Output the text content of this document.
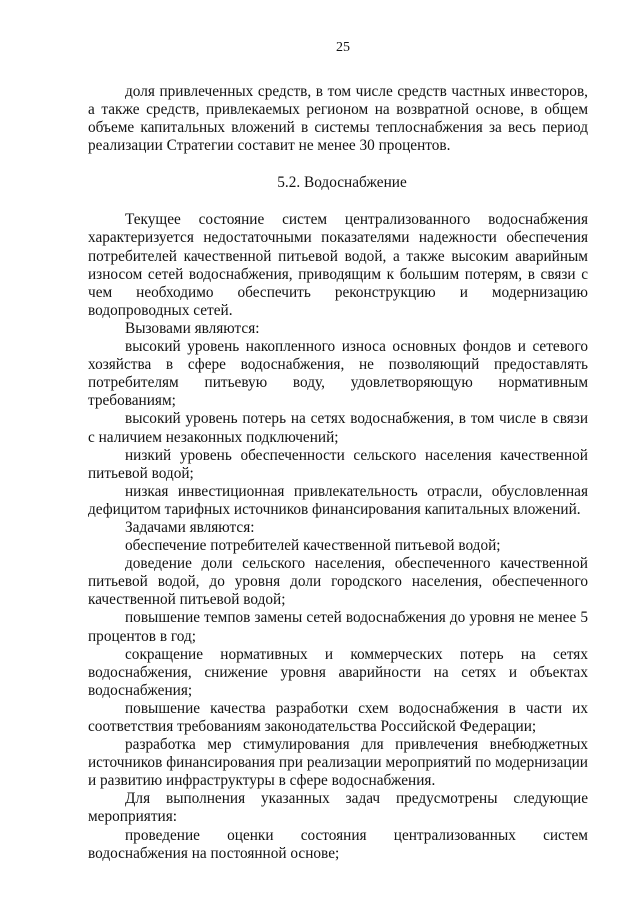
25

доля привлеченных средств, в том числе средств частных инвесторов, а также средств, привлекаемых регионом на возвратной основе, в общем объеме капитальных вложений в системы теплоснабжения за весь период реализации Стратегии составит не менее 30 процентов.

5.2. Водоснабжение

Текущее состояние систем централизованного водоснабжения характеризуется недостаточными показателями надежности обеспечения потребителей качественной питьевой водой, а также высоким аварийным износом сетей водоснабжения, приводящим к большим потерям, в связи с чем необходимо обеспечить реконструкцию и модернизацию водопроводных сетей.

Вызовами являются:

высокий уровень накопленного износа основных фондов и сетевого хозяйства в сфере водоснабжения, не позволяющий предоставлять потребителям питьевую воду, удовлетворяющую нормативным требованиям;

высокий уровень потерь на сетях водоснабжения, в том числе в связи с наличием незаконных подключений;

низкий уровень обеспеченности сельского населения качественной питьевой водой;

низкая инвестиционная привлекательность отрасли, обусловленная дефицитом тарифных источников финансирования капитальных вложений.

Задачами являются:

обеспечение потребителей качественной питьевой водой;

доведение доли сельского населения, обеспеченного качественной питьевой водой, до уровня доли городского населения, обеспеченного качественной питьевой водой;

повышение темпов замены сетей водоснабжения до уровня не менее 5 процентов в год;

сокращение нормативных и коммерческих потерь на сетях водоснабжения, снижение уровня аварийности на сетях и объектах водоснабжения;

повышение качества разработки схем водоснабжения в части их соответствия требованиям законодательства Российской Федерации;

разработка мер стимулирования для привлечения внебюджетных источников финансирования при реализации мероприятий по модернизации и развитию инфраструктуры в сфере водоснабжения.

Для выполнения указанных задач предусмотрены следующие мероприятия:

проведение оценки состояния централизованных систем водоснабжения на постоянной основе;
